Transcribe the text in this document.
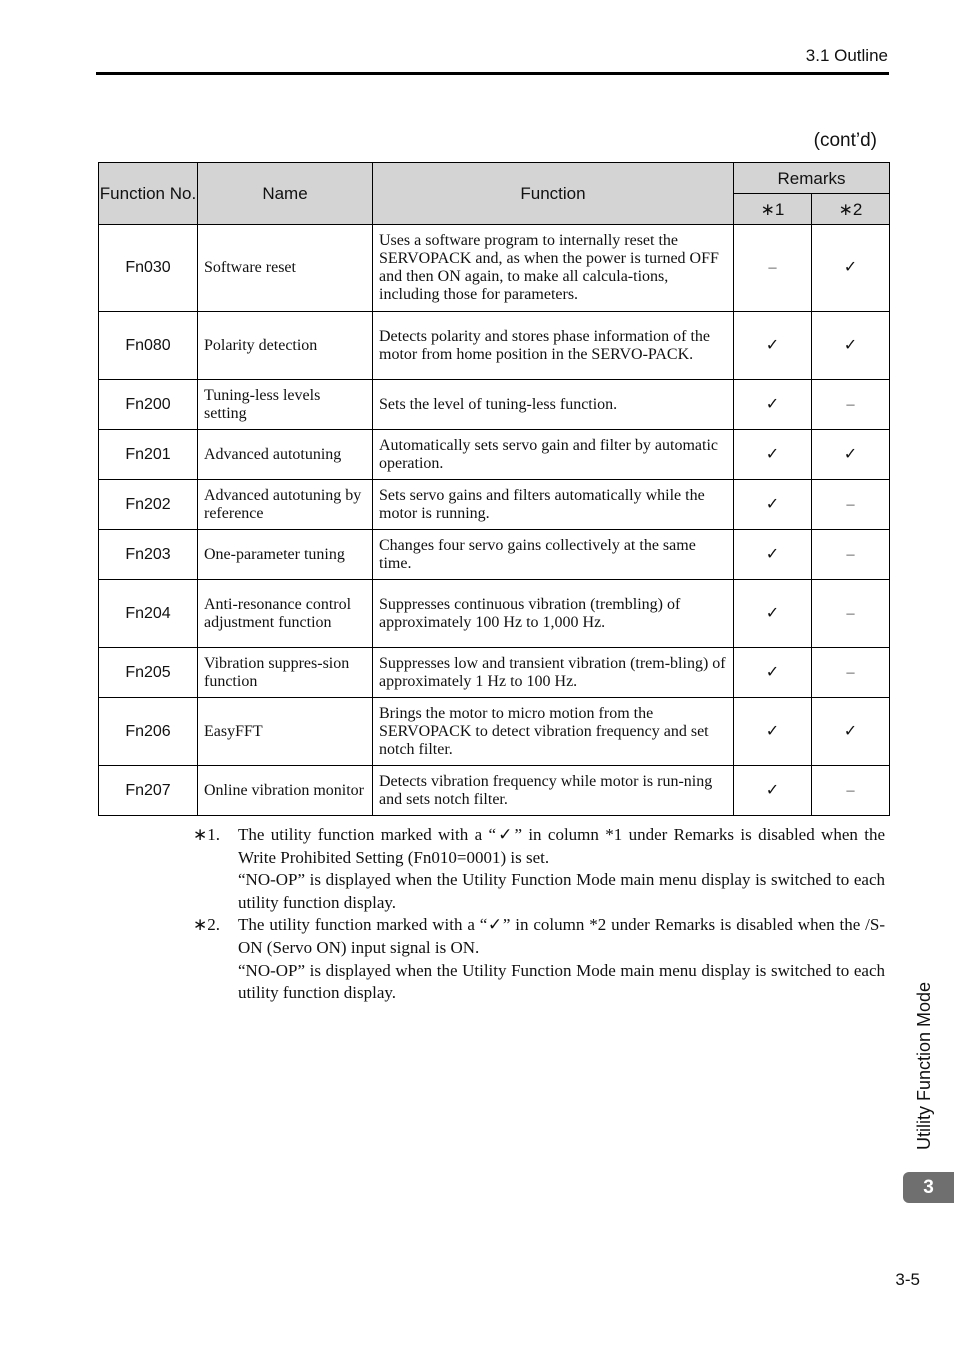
3.1 Outline
(cont’d)
Function No.	Name	Function	Remarks	
			∗1	∗2
Fn030	Software reset	Uses a software program to internally reset the SERVOPACK and, as when the power is turned OFF and then ON again, to make all calcula-tions, including those for parameters.	–	✓
Fn080	Polarity detection	Detects polarity and stores phase information of the motor from home position in the SERVO-PACK.	✓	✓
Fn200	Tuning-less levels setting	Sets the level of tuning-less function.	✓	–
Fn201	Advanced autotuning	Automatically sets servo gain and filter by automatic operation.	✓	✓
Fn202	Advanced autotuning by reference	Sets servo gains and filters automatically while the motor is running.	✓	–
Fn203	One-parameter tuning	Changes four servo gains collectively at the same time.	✓	–
Fn204	Anti-resonance control adjustment function	Suppresses continuous vibration (trembling) of approximately 100 Hz to 1,000 Hz.	✓	–
Fn205	Vibration suppres-sion function	Suppresses low and transient vibration (trem-bling) of approximately 1 Hz to 100 Hz.	✓	–
Fn206	EasyFFT	Brings the motor to micro motion from the SERVOPACK to detect vibration frequency and set notch filter.	✓	✓
Fn207	Online vibration monitor	Detects vibration frequency while motor is run-ning and sets notch filter.	✓	–
∗1.	The utility function marked with a “✓” in column *1 under Remarks is disabled when the Write Prohibited Setting (Fn010=0001) is set.
“NO-OP” is displayed when the Utility Function Mode main menu display is switched to each utility function display.
∗2.	The utility function marked with a “✓” in column *2 under Remarks is disabled when the /S-ON (Servo ON) input signal is ON.
“NO-OP” is displayed when the Utility Function Mode main menu display is switched to each utility function display.	Utility Function Mode
3
3-5
